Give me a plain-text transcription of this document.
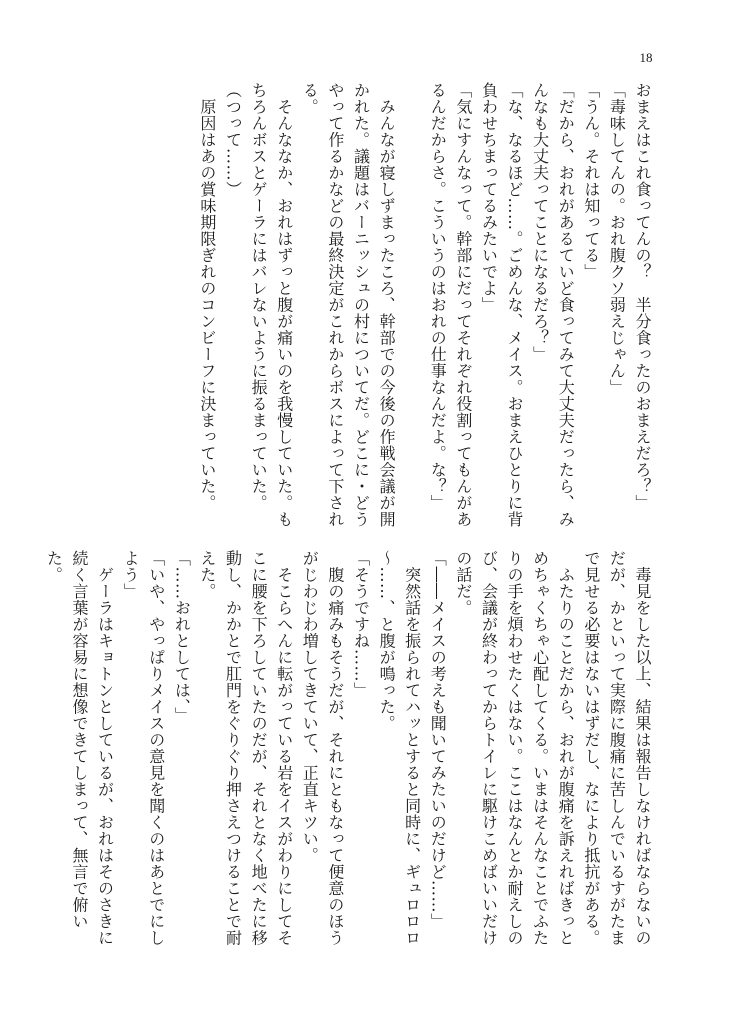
18

おまえはこれ食ってんの？　半分食ったのおまえだろ？」

「毒味してんの。おれ腹クソ弱えじゃん」

「うん。それは知ってる」

「だから、おれがあるていど食ってみて大丈夫だったら、みんなも大丈夫ってことになるだろ？」

「な、なるほど……。ごめんな、メイス。おまえひとりに背負わせちまってるみたいでよ」

「気にすんなって。幹部にだってそれぞれ役割ってもんがあるんだからさ。こういうのはおれの仕事なんだよ。な？」

　みんなが寝しずまったころ、幹部での今後の作戦会議が開かれた。議題はバーニッシュの村についてだ。どこに・どうやって作るかなどの最終決定がこれからボスによって下される。

　そんななか、おれはずっと腹が痛いのを我慢していた。もちろんボスとゲーラにはバレないように振るまっていた。

（つって……）

　原因はあの賞味期限ぎれのコンビーフに決まっていた。

　毒見をした以上、結果は報告しなければならないのだが、かといって実際に腹痛に苦しんでいるすがたまで見せる必要はないはずだし、なにより抵抗がある。

　ふたりのことだから、おれが腹痛を訴えればきっとめちゃくちゃ心配してくる。いまはそんなことでふたりの手を煩わせたくはない。ここはなんとか耐えしのび、会議が終わってからトイレに駆けこめばいいだけの話だ。

「――メイスの考えも聞いてみたいのだけど……」

　突然話を振られてハッとすると同時に、ギュロロロ～……、と腹が鳴った。

「そうですね……」

　腹の痛みもそうだが、それにともなって便意のほうがじわじわ増してきていて、正直キツい。

　そこらへんに転がっている岩をイスがわりにしてそこに腰を下ろしていたのだが、それとなく地べたに移動し、かかとで肛門をぐりぐり押さえつけることで耐えた。

「……おれとしては、」

「いや、やっぱりメイスの意見を聞くのはあとでにしよう」

　ゲーラはキョトンとしているが、おれはそのさきに続く言葉が容易に想像できてしまって、無言で俯いた。
